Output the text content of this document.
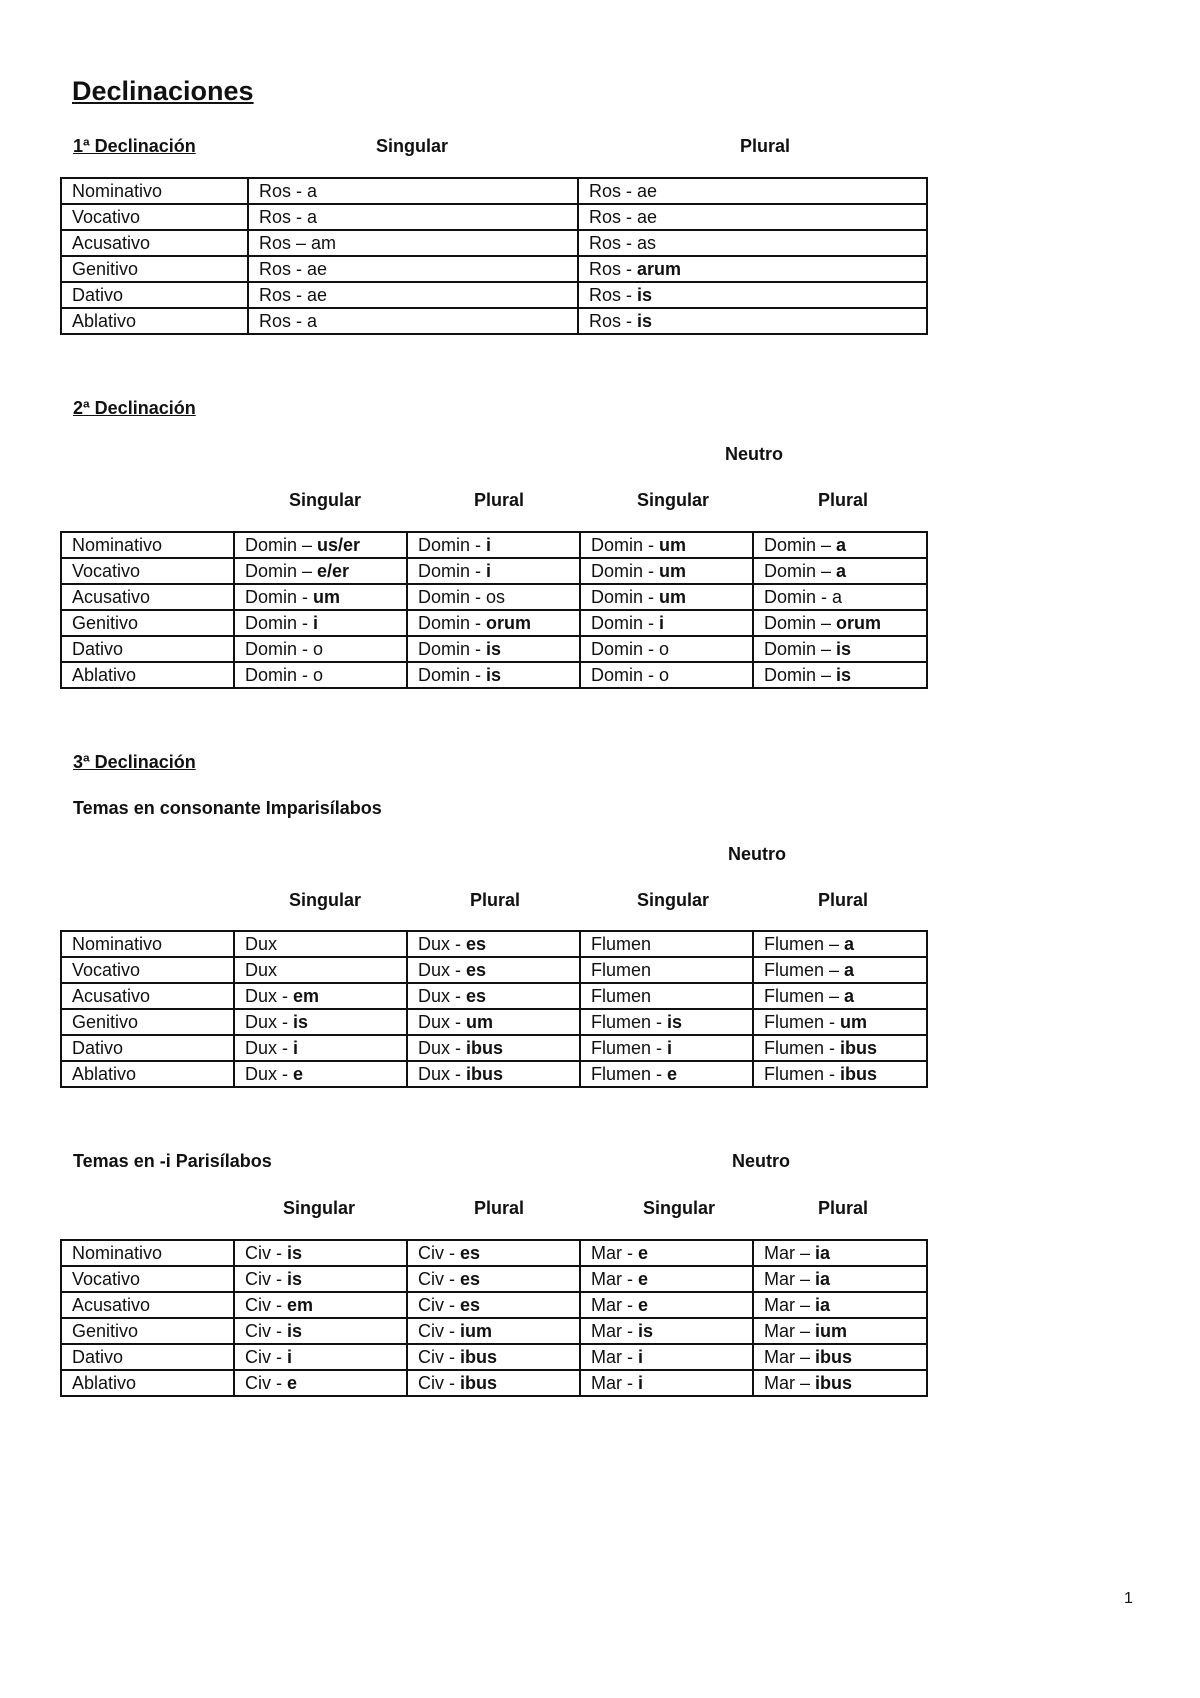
Declinaciones
1ª Declinación	Singular	Plural
Nominativo	Ros - a	Ros - ae
Vocativo	Ros - a	Ros - ae
Acusativo	Ros – am	Ros - as
Genitivo	Ros - ae	Ros - arum
Dativo	Ros - ae	Ros - is
Ablativo	Ros - a	Ros - is
2ª Declinación
Neutro
Singular	Plural	Singular	Plural
Nominativo	Domin – us/er	Domin - i	Domin - um	Domin – a
Vocativo	Domin – e/er	Domin - i	Domin - um	Domin – a
Acusativo	Domin - um	Domin - os	Domin - um	Domin - a
Genitivo	Domin - i	Domin - orum	Domin - i	Domin – orum
Dativo	Domin - o	Domin - is	Domin - o	Domin – is
Ablativo	Domin - o	Domin - is	Domin - o	Domin – is
3ª Declinación
Temas en consonante Imparisílabos
Neutro
Singular	Plural	Singular	Plural
Nominativo	Dux	Dux - es	Flumen	Flumen – a
Vocativo	Dux	Dux - es	Flumen	Flumen – a
Acusativo	Dux - em	Dux - es	Flumen	Flumen – a
Genitivo	Dux - is	Dux - um	Flumen - is	Flumen - um
Dativo	Dux - i	Dux - ibus	Flumen - i	Flumen - ibus
Ablativo	Dux - e	Dux - ibus	Flumen - e	Flumen - ibus
Temas en -i Parisílabos	Neutro
Singular	Plural	Singular	Plural
Nominativo	Civ - is	Civ - es	Mar - e	Mar – ia
Vocativo	Civ - is	Civ - es	Mar - e	Mar – ia
Acusativo	Civ - em	Civ - es	Mar - e	Mar – ia
Genitivo	Civ - is	Civ - ium	Mar - is	Mar – ium
Dativo	Civ - i	Civ - ibus	Mar - i	Mar – ibus
Ablativo	Civ - e	Civ - ibus	Mar - i	Mar – ibus
1
